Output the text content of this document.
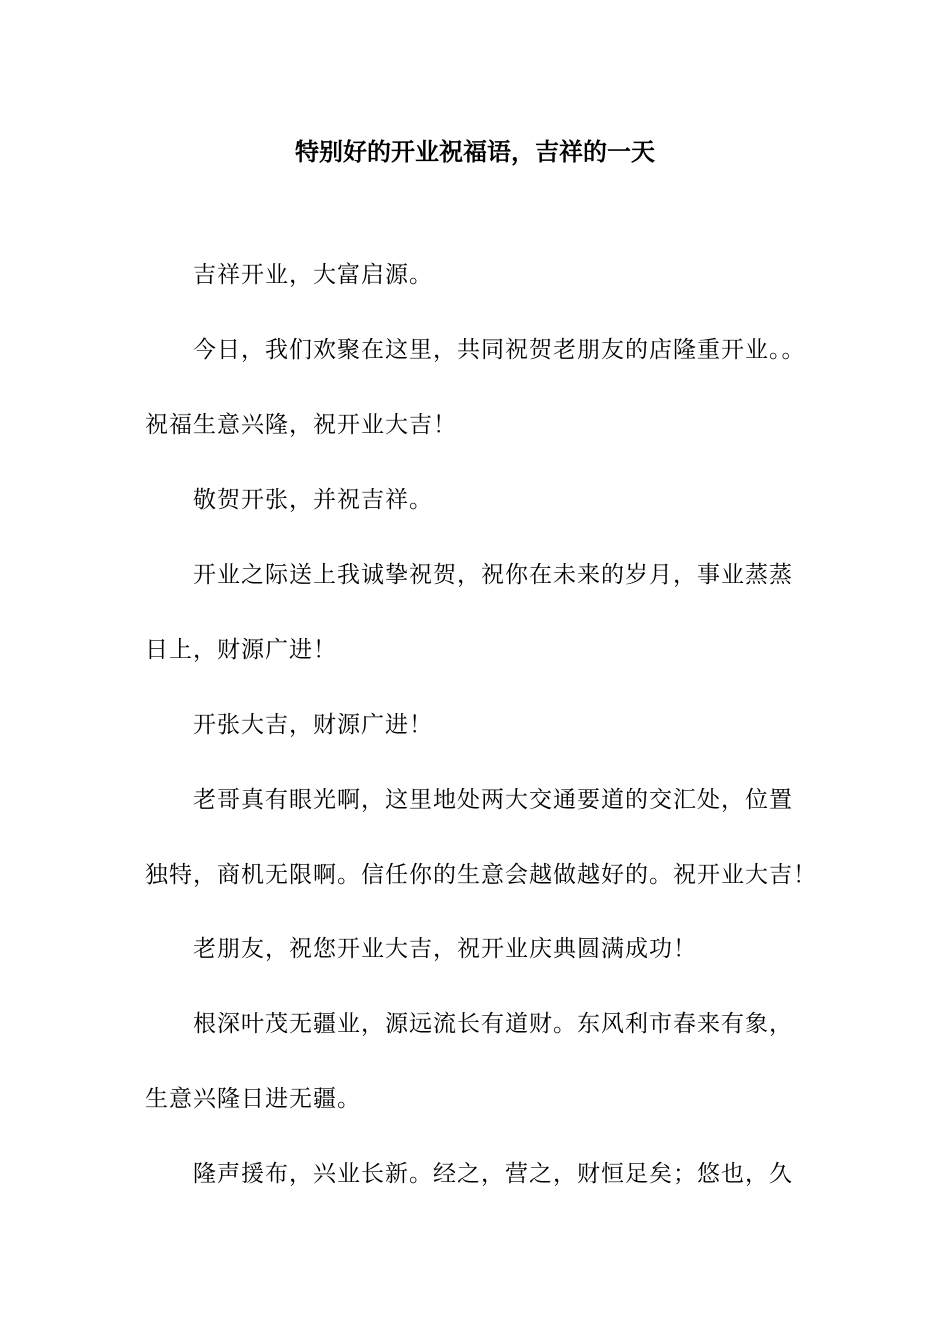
特别好的开业祝福语，吉祥的一天
吉祥开业，大富启源。
今日，我们欢聚在这里，共同祝贺老朋友的店隆重开业。。
祝福生意兴隆，祝开业大吉！
敬贺开张，并祝吉祥。
开业之际送上我诚挚祝贺，祝你在未来的岁月，事业蒸蒸
日上，财源广进！
开张大吉，财源广进！
老哥真有眼光啊，这里地处两大交通要道的交汇处，位置
独特，商机无限啊。信任你的生意会越做越好的。祝开业大吉！
老朋友，祝您开业大吉，祝开业庆典圆满成功！
根深叶茂无疆业，源远流长有道财。东风利市春来有象，
生意兴隆日进无疆。
隆声援布，兴业长新。经之，营之，财恒足矣；悠也，久
